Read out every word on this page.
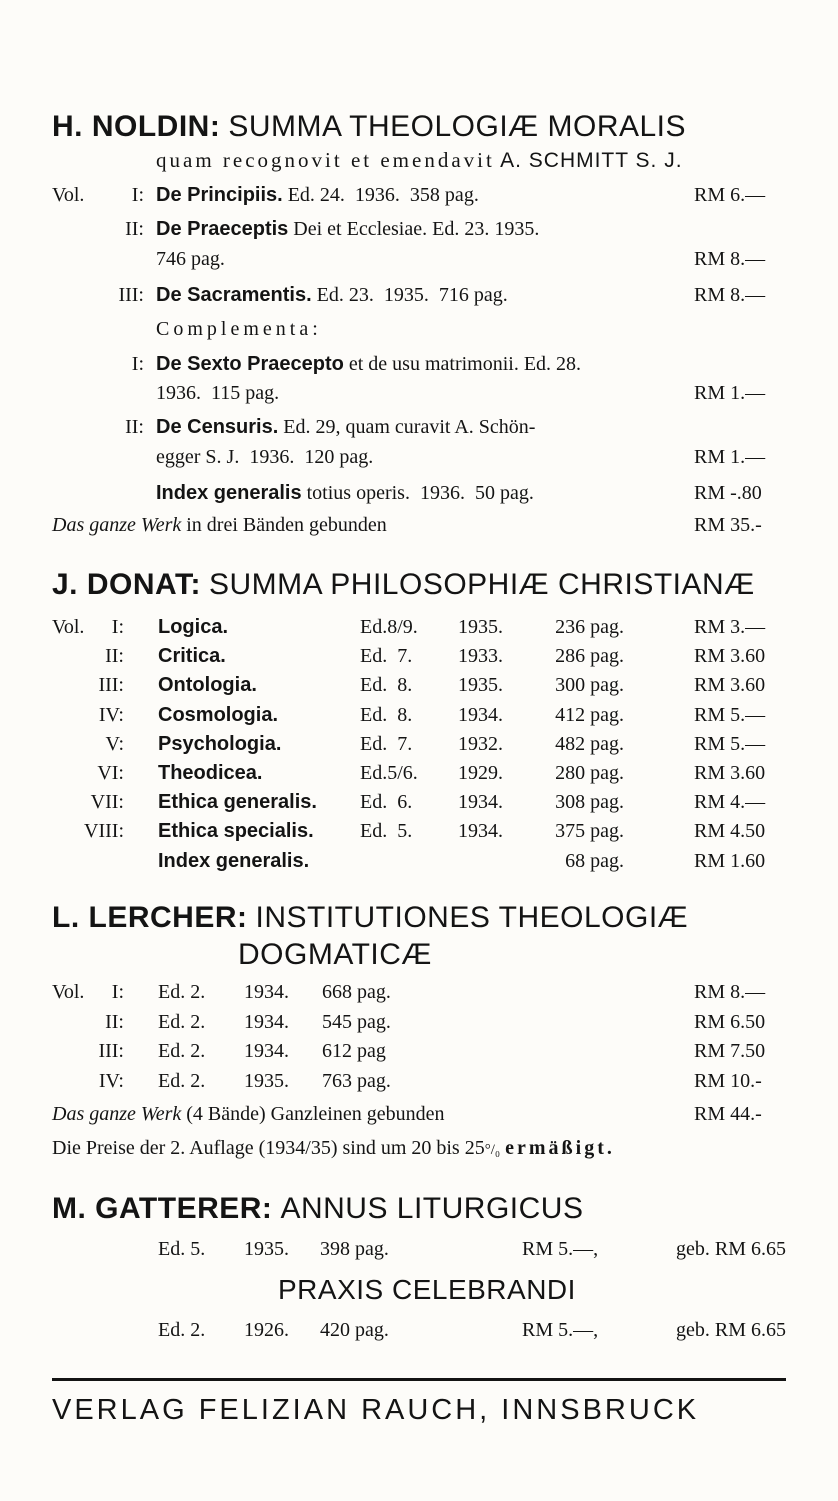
H. NOLDIN: SUMMA THEOLOGIÆ MORALIS
quam recognovit et emendavit A. SCHMITT S. J.
Vol.	I: De Principiis. Ed. 24.  1936.  358 pag.	RM 6.—
II: De Praeceptis Dei et Ecclesiae. Ed. 23. 1935.
746 pag.	RM 8.—
III: De Sacramentis. Ed. 23.  1935.  716 pag.	RM 8.—
Complementa:
I: De Sexto Praecepto et de usu matrimonii. Ed. 28.
1936.  115 pag.	RM 1.—
II: De Censuris. Ed. 29, quam curavit A. Schön-
egger S. J.  1936.  120 pag.	RM 1.—
Index generalis totius operis.  1936.  50 pag.	RM -.80
Das ganze Werk in drei Bänden gebunden	RM 35.-
J. DONAT: SUMMA PHILOSOPHIÆ CHRISTIANÆ
Vol.	I: Logica.	Ed.8/9. 1935.	236 pag.	RM 3.—
II: Critica.	Ed.  7. 1933.	286 pag.	RM 3.60
III: Ontologia.	Ed.  8. 1935.	300 pag.	RM 3.60
IV: Cosmologia.	Ed.  8. 1934.	412 pag.	RM 5.—
V: Psychologia.	Ed.  7. 1932.	482 pag.	RM 5.—
VI: Theodicea.	Ed.5/6. 1929.	280 pag.	RM 3.60
VII: Ethica generalis. Ed.  6. 1934.	308 pag.	RM 4.—
VIII: Ethica specialis. Ed.  5. 1934.	375 pag.	RM 4.50
Index generalis.	68 pag.	RM 1.60
L. LERCHER: INSTITUTIONES THEOLOGIÆ
DOGMATICÆ
Vol.	I: Ed. 2. 1934. 668 pag.	RM 8.—
II: Ed. 2. 1934. 545 pag.	RM 6.50
III: Ed. 2. 1934. 612 pag	RM 7.50
IV: Ed. 2. 1935. 763 pag.	RM 10.-
Das ganze Werk (4 Bände) Ganzleinen gebunden	RM 44.-
Die Preise der 2. Auflage (1934/35) sind um 20 bis 25°/₀ ermäßigt.
M. GATTERER: ANNUS LITURGICUS
Ed. 5. 1935. 398 pag.	RM 5.—,	geb. RM 6.65
PRAXIS CELEBRANDI
Ed. 2. 1926. 420 pag.	RM 5.—,	geb. RM 6.65
VERLAG FELIZIAN RAUCH, INNSBRUCK
